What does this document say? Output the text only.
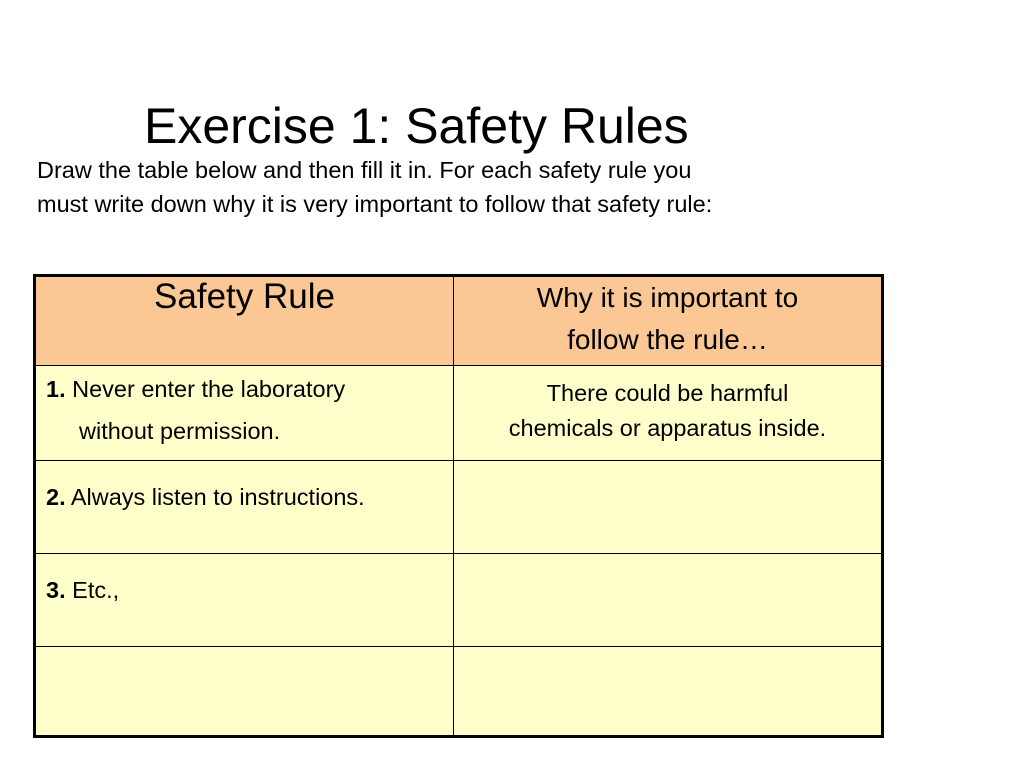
Exercise 1: Safety Rules
Draw the table below and then fill it in. For each safety rule you
must write down why it is very important to follow that safety rule:
Safety Rule	Why it is important to
follow the rule…

1. Never enter the laboratory
without permission.	There could be harmful
chemicals or apparatus inside.

2. Always listen to instructions.	

3. Etc.,	
